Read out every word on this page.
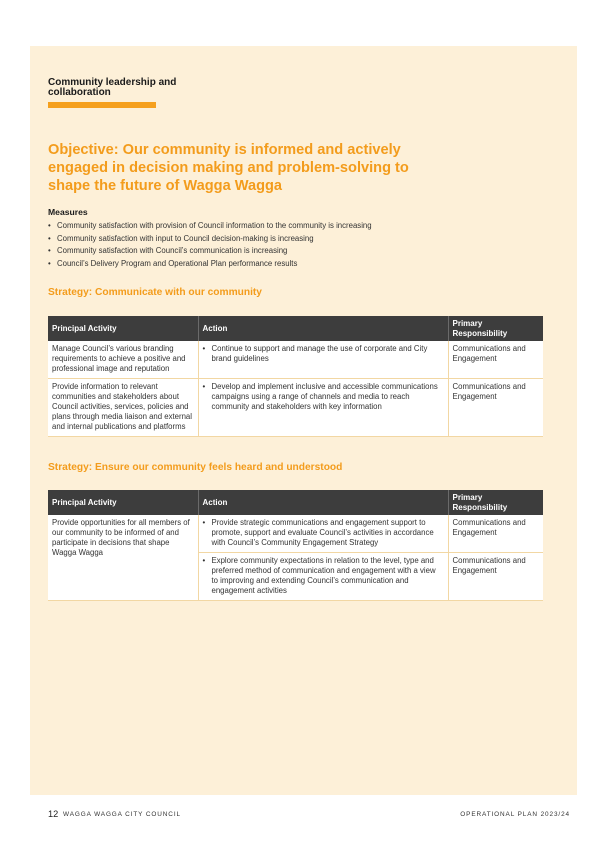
Community leadership and collaboration
Objective: Our community is informed and actively engaged in decision making and problem-solving to shape the future of Wagga Wagga
Measures
• Community satisfaction with provision of Council information to the community is increasing
• Community satisfaction with input to Council decision-making is increasing
• Community satisfaction with Council’s communication is increasing
• Council’s Delivery Program and Operational Plan performance results
Strategy: Communicate with our community
Principal Activity	Action	Primary Responsibility
Manage Council’s various branding requirements to achieve a positive and professional image and reputation	• Continue to support and manage the use of corporate and City brand guidelines	Communications and Engagement
Provide information to relevant communities and stakeholders about Council activities, services, policies and plans through media liaison and external and internal publications and platforms	• Develop and implement inclusive and accessible communications campaigns using a range of channels and media to reach community and stakeholders with key information	Communications and Engagement
Strategy: Ensure our community feels heard and understood
Principal Activity	Action	Primary Responsibility
Provide opportunities for all members of our community to be informed of and participate in decisions that shape Wagga Wagga	• Provide strategic communications and engagement support to promote, support and evaluate Council’s activities in accordance with Council’s Community Engagement Strategy	Communications and Engagement

	• Explore community expectations in relation to the level, type and preferred method of communication and engagement with a view to improving and extending Council’s communication and engagement activities	Communications and Engagement
12 WAGGA WAGGA CITY COUNCIL	OPERATIONAL PLAN 2023/24
